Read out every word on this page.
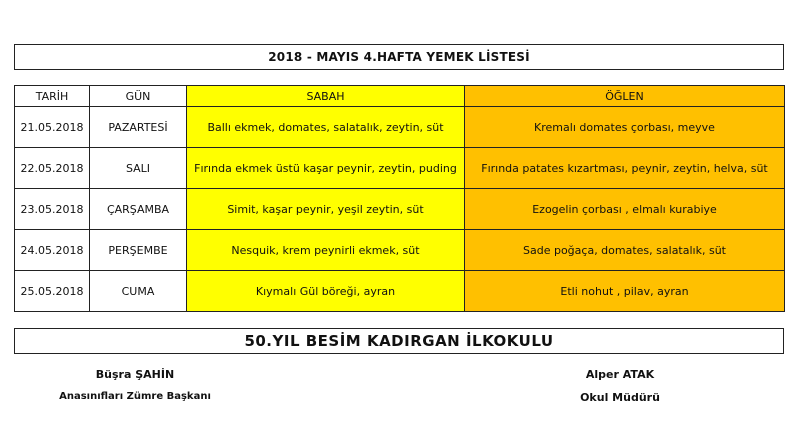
2018 - MAYIS 4.HAFTA YEMEK LİSTESİ
TARİH	GÜN	SABAH	ÖĞLEN
21.05.2018	PAZARTESİ	Ballı ekmek, domates, salatalık, zeytin, süt	Kremalı domates çorbası, meyve
22.05.2018	SALI	Fırında ekmek üstü kaşar peynir, zeytin, puding	Fırında patates kızartması, peynir, zeytin, helva, süt
23.05.2018	ÇARŞAMBA	Simit, kaşar peynir, yeşil zeytin, süt	Ezogelin çorbası , elmalı kurabiye
24.05.2018	PERŞEMBE	Nesquik, krem peynirli ekmek, süt	Sade poğaça, domates, salatalık, süt
25.05.2018	CUMA	Kıymalı Gül böreği, ayran	Etli nohut , pilav, ayran
50.YIL BESİM KADIRGAN İLKOKULU
Büşra ŞAHİN
Anasınıfları Zümre Başkanı
Alper ATAK
Okul Müdürü
